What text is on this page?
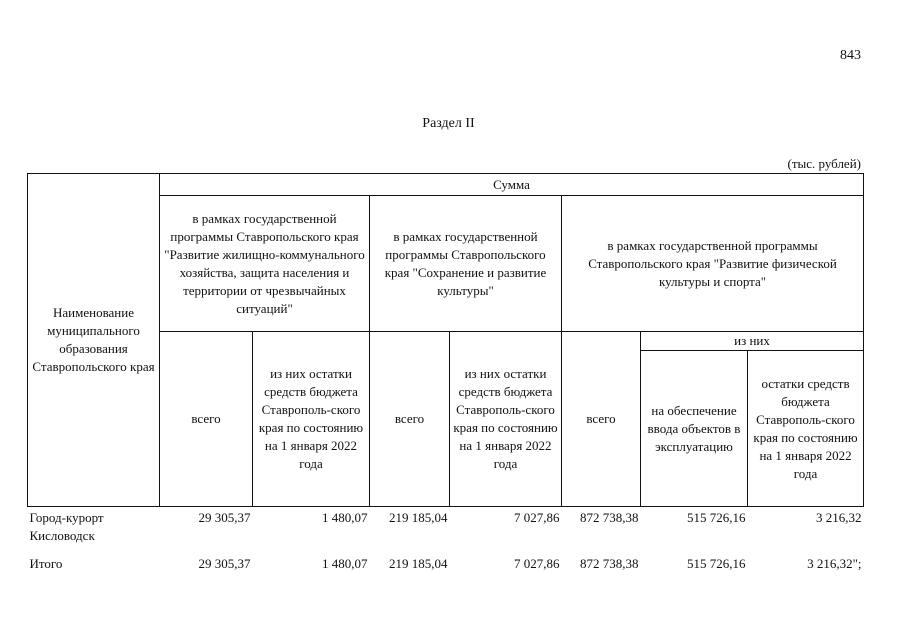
843
Раздел II
(тыс. рублей)
Наименование муниципального образования Ставропольского края	Сумма						
	в рамках государственной программы Ставропольского края "Развитие жилищно-коммунального хозяйства, защита населения и территории от чрезвычайных ситуаций"		в рамках государственной программы Ставропольского края "Сохранение и развитие культуры"		в рамках государственной программы Ставропольского края "Развитие физической культуры и спорта"		
	всего	из них остатки средств бюджета Ставрополь-ского края по состоянию на 1 января 2022 года	всего	из них остатки средств бюджета Ставрополь-ского края по состоянию на 1 января 2022 года	всего	из них	
						на обеспечение ввода объектов в эксплуатацию	остатки средств бюджета Ставрополь-ского края по состоянию на 1 января 2022 года
Город-курорт Кисловодск	29 305,37	1 480,07	219 185,04	7 027,86	872 738,38	515 726,16	3 216,32
Итого	29 305,37	1 480,07	219 185,04	7 027,86	872 738,38	515 726,16	3 216,32";
